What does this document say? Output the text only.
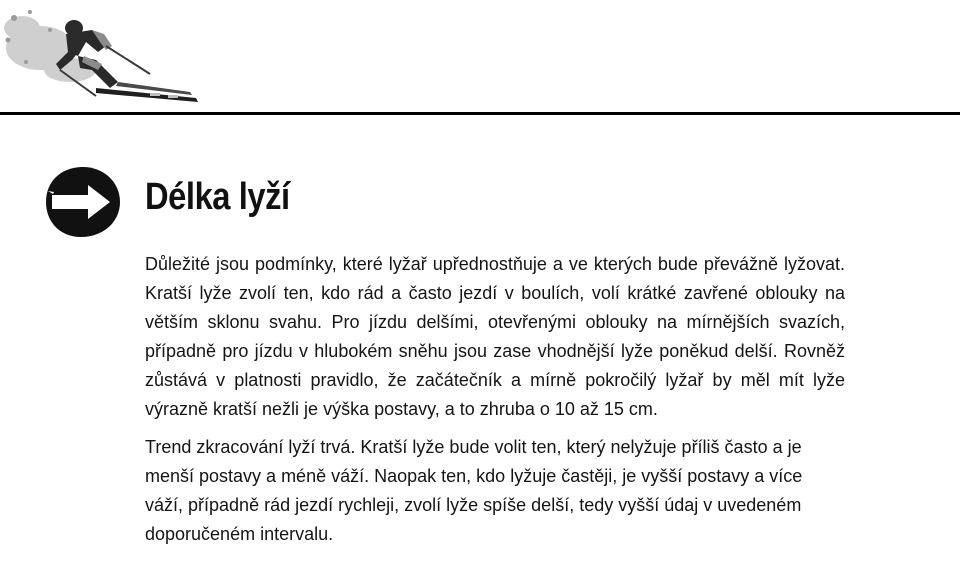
Délka lyží

Důležité jsou podmínky, které lyžař upřednostňuje a ve kterých bude převážně lyžovat. Kratší lyže zvolí ten, kdo rád a často jezdí v boulích, volí krátké zavřené oblouky na větším sklonu svahu. Pro jízdu delšími, otevřenými oblouky na mírnějších svazích, případně pro jízdu v hlubokém sněhu jsou zase vhodnější lyže poněkud delší. Rovněž zůstává v platnosti pravidlo, že začátečník a mírně pokročilý lyžař by měl mít lyže výrazně kratší nežli je výška postavy, a to zhruba o 10 až 15 cm.

Trend zkracování lyží trvá. Kratší lyže bude volit ten, který nelyžuje příliš často a je menší postavy a méně váží. Naopak ten, kdo lyžuje častěji, je vyšší postavy a více váží, případně rád jezdí rychleji, zvolí lyže spíše delší, tedy vyšší údaj v uvedeném doporučeném intervalu.
